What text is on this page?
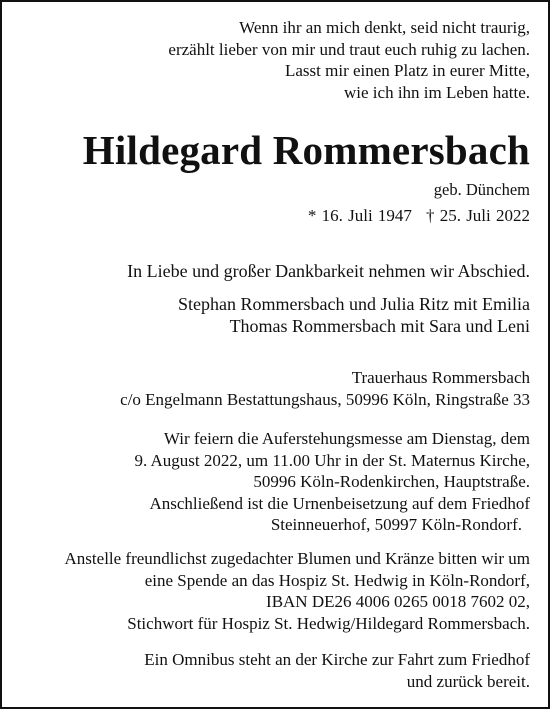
Wenn ihr an mich denkt, seid nicht traurig,
erzählt lieber von mir und traut euch ruhig zu lachen.
Lasst mir einen Platz in eurer Mitte,
wie ich ihn im Leben hatte.
Hildegard Rommersbach
geb. Dünchem
* 16. Juli 1947 † 25. Juli 2022
In Liebe und großer Dankbarkeit nehmen wir Abschied.
Stephan Rommersbach und Julia Ritz mit Emilia
Thomas Rommersbach mit Sara und Leni
Trauerhaus Rommersbach
c/o Engelmann Bestattungshaus, 50996 Köln, Ringstraße 33
Wir feiern die Auferstehungsmesse am Dienstag, dem
9. August 2022, um 11.00 Uhr in der St. Maternus Kirche,
50996 Köln-Rodenkirchen, Hauptstraße.
Anschließend ist die Urnenbeisetzung auf dem Friedhof
Steinneuerhof, 50997 Köln-Rondorf.
Anstelle freundlichst zugedachter Blumen und Kränze bitten wir um
eine Spende an das Hospiz St. Hedwig in Köln-Rondorf,
IBAN DE26 4006 0265 0018 7602 02,
Stichwort für Hospiz St. Hedwig/Hildegard Rommersbach.
Ein Omnibus steht an der Kirche zur Fahrt zum Friedhof
und zurück bereit.
